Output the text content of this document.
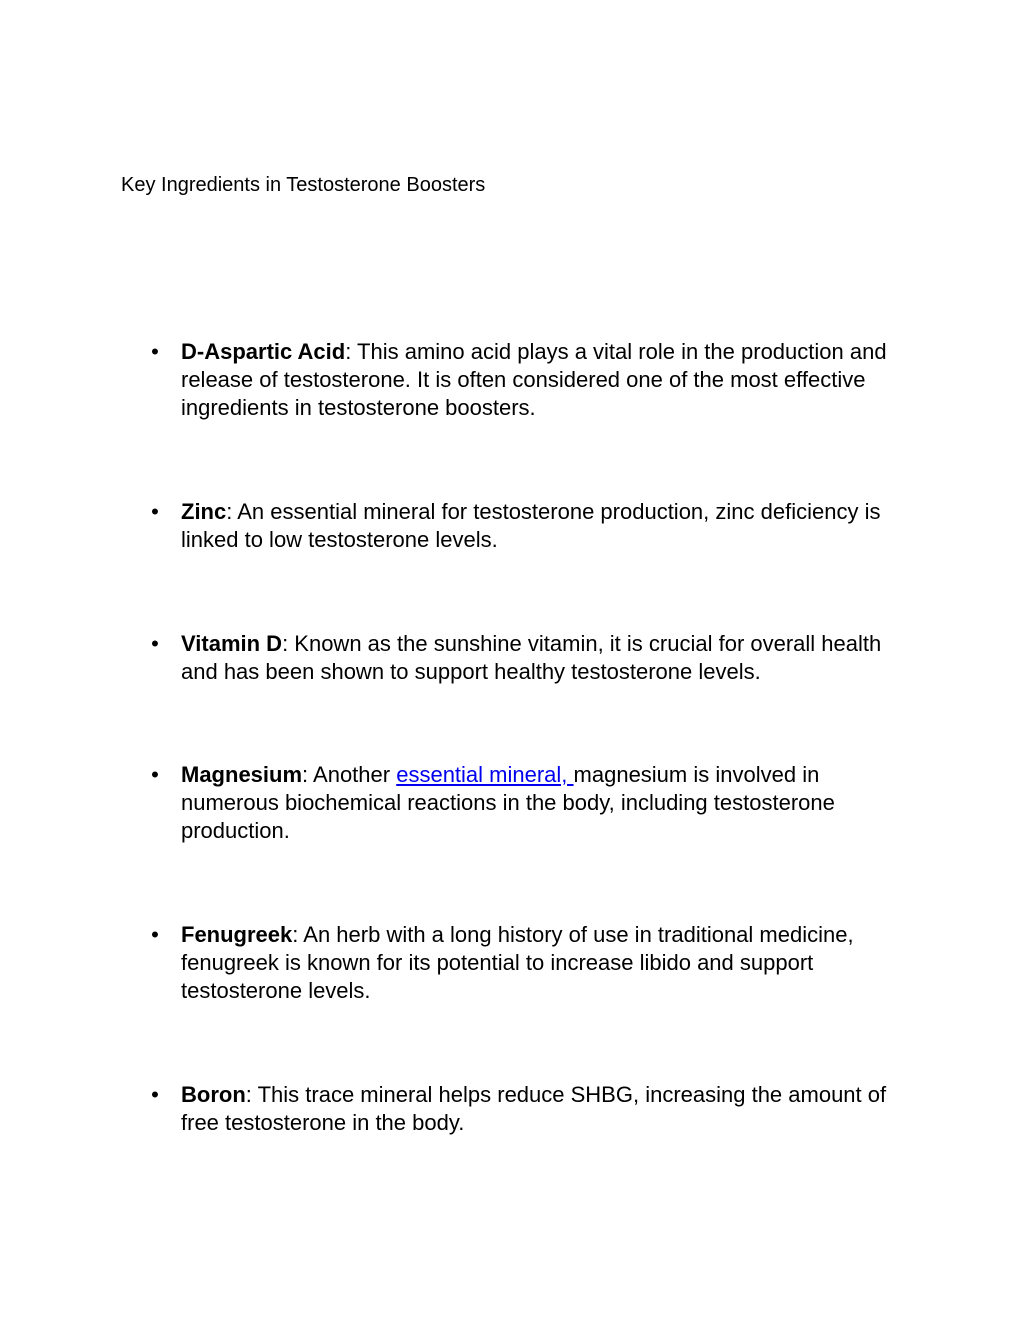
Key Ingredients in Testosterone Boosters
• D-Aspartic Acid: This amino acid plays a vital role in the production and release of testosterone. It is often considered one of the most effective ingredients in testosterone boosters.
• Zinc: An essential mineral for testosterone production, zinc deficiency is linked to low testosterone levels.
• Vitamin D: Known as the sunshine vitamin, it is crucial for overall health and has been shown to support healthy testosterone levels.
• Magnesium: Another essential mineral, magnesium is involved in numerous biochemical reactions in the body, including testosterone production.
• Fenugreek: An herb with a long history of use in traditional medicine, fenugreek is known for its potential to increase libido and support testosterone levels.
• Boron: This trace mineral helps reduce SHBG, increasing the amount of free testosterone in the body.
